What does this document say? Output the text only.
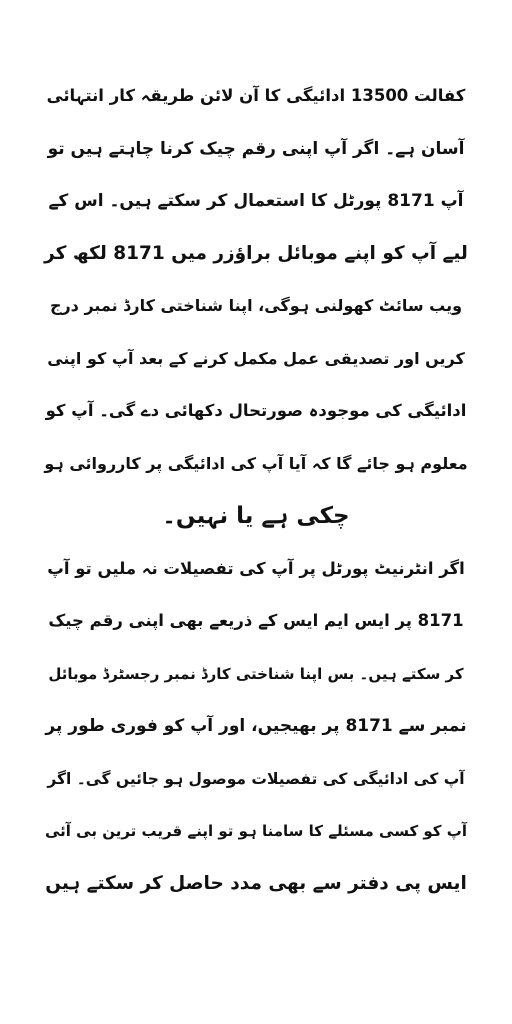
کفالت 13500 ادائیگی کا آن لائن طریقہ کار انتہائی
آسان ہے۔ اگر آپ اپنی رقم چیک کرنا چاہتے ہیں تو
آپ 8171 پورٹل کا استعمال کر سکتے ہیں۔ اس کے
لیے آپ کو اپنے موبائل براؤزر میں 8171 لکھ کر
ویب سائٹ کھولنی ہوگی، اپنا شناختی کارڈ نمبر درج
کریں اور تصدیقی عمل مکمل کرنے کے بعد آپ کو اپنی
ادائیگی کی موجودہ صورتحال دکھائی دے گی۔ آپ کو
معلوم ہو جائے گا کہ آیا آپ کی ادائیگی پر کارروائی ہو
چکی ہے یا نہیں۔
اگر انٹرنیٹ پورٹل پر آپ کی تفصیلات نہ ملیں تو آپ
8171 پر ایس ایم ایس کے ذریعے بھی اپنی رقم چیک
کر سکتے ہیں۔ بس اپنا شناختی کارڈ نمبر رجسٹرڈ موبائل
نمبر سے 8171 پر بھیجیں، اور آپ کو فوری طور پر
آپ کی ادائیگی کی تفصیلات موصول ہو جائیں گی۔ اگر
آپ کو کسی مسئلے کا سامنا ہو تو اپنے قریب ترین بی آئی
ایس پی دفتر سے بھی مدد حاصل کر سکتے ہیں
